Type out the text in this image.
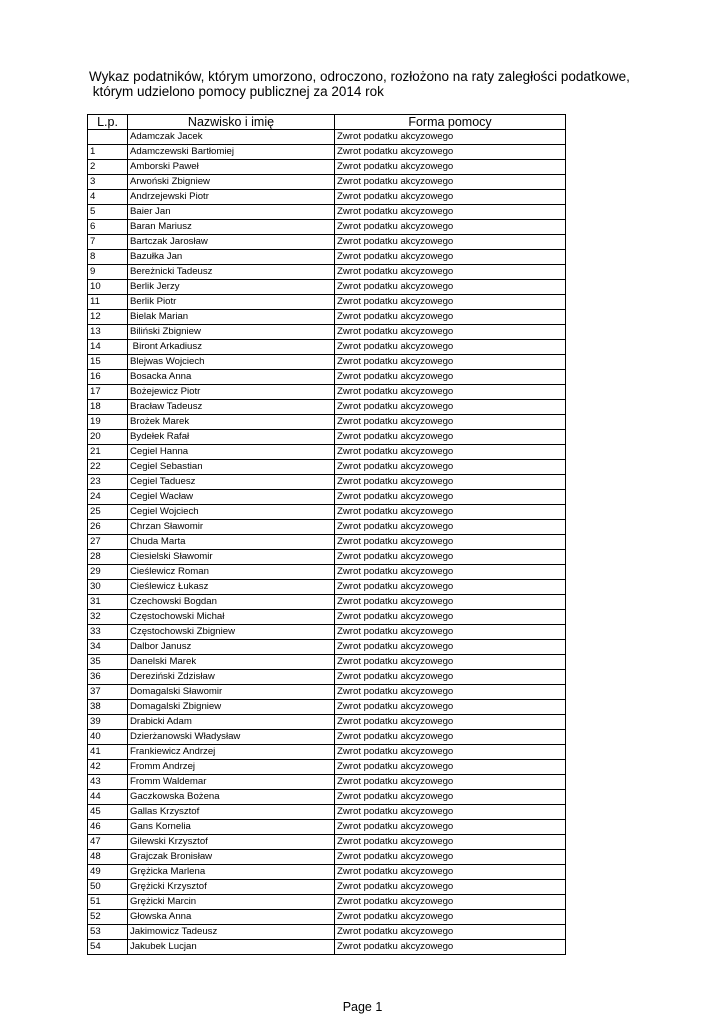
Wykaz podatników, którym umorzono, odroczono, rozłożono na raty zaległości podatkowe,
którym udzielono pomocy publicznej za 2014 rok
L.p.	Nazwisko i imię	Forma pomocy
	Adamczak Jacek	Zwrot podatku akcyzowego
1	Adamczewski Bartłomiej	Zwrot podatku akcyzowego
2	Amborski Paweł	Zwrot podatku akcyzowego
3	Arwoński Zbigniew	Zwrot podatku akcyzowego
4	Andrzejewski Piotr	Zwrot podatku akcyzowego
5	Baier Jan	Zwrot podatku akcyzowego
6	Baran Mariusz	Zwrot podatku akcyzowego
7	Bartczak Jarosław	Zwrot podatku akcyzowego
8	Bazułka Jan	Zwrot podatku akcyzowego
9	Bereżnicki Tadeusz	Zwrot podatku akcyzowego
10	Berlik Jerzy	Zwrot podatku akcyzowego
11	Berlik Piotr	Zwrot podatku akcyzowego
12	Bielak Marian	Zwrot podatku akcyzowego
13	Biliński Zbigniew	Zwrot podatku akcyzowego
14	Biront Arkadiusz	Zwrot podatku akcyzowego
15	Blejwas Wojciech	Zwrot podatku akcyzowego
16	Bosacka Anna	Zwrot podatku akcyzowego
17	Bożejewicz Piotr	Zwrot podatku akcyzowego
18	Bracław Tadeusz	Zwrot podatku akcyzowego
19	Brożek Marek	Zwrot podatku akcyzowego
20	Bydełek Rafał	Zwrot podatku akcyzowego
21	Cegiel Hanna	Zwrot podatku akcyzowego
22	Cegiel Sebastian	Zwrot podatku akcyzowego
23	Cegiel Taduesz	Zwrot podatku akcyzowego
24	Cegiel Wacław	Zwrot podatku akcyzowego
25	Cegiel Wojciech	Zwrot podatku akcyzowego
26	Chrzan Sławomir	Zwrot podatku akcyzowego
27	Chuda Marta	Zwrot podatku akcyzowego
28	Ciesielski Sławomir	Zwrot podatku akcyzowego
29	Cieślewicz Roman	Zwrot podatku akcyzowego
30	Cieślewicz Łukasz	Zwrot podatku akcyzowego
31	Czechowski Bogdan	Zwrot podatku akcyzowego
32	Częstochowski Michał	Zwrot podatku akcyzowego
33	Częstochowski Zbigniew	Zwrot podatku akcyzowego
34	Dalbor Janusz	Zwrot podatku akcyzowego
35	Danelski Marek	Zwrot podatku akcyzowego
36	Dereziński Zdzisław	Zwrot podatku akcyzowego
37	Domagalski Sławomir	Zwrot podatku akcyzowego
38	Domagalski Zbigniew	Zwrot podatku akcyzowego
39	Drabicki Adam	Zwrot podatku akcyzowego
40	Dzierżanowski Władysław	Zwrot podatku akcyzowego
41	Frankiewicz Andrzej	Zwrot podatku akcyzowego
42	Fromm Andrzej	Zwrot podatku akcyzowego
43	Fromm Waldemar	Zwrot podatku akcyzowego
44	Gaczkowska Bożena	Zwrot podatku akcyzowego
45	Gallas Krzysztof	Zwrot podatku akcyzowego
46	Gans Kornelia	Zwrot podatku akcyzowego
47	Gilewski Krzysztof	Zwrot podatku akcyzowego
48	Grajczak Bronisław	Zwrot podatku akcyzowego
49	Grężicka Marlena	Zwrot podatku akcyzowego
50	Grężicki Krzysztof	Zwrot podatku akcyzowego
51	Grężicki Marcin	Zwrot podatku akcyzowego
52	Głowska Anna	Zwrot podatku akcyzowego
53	Jakimowicz Tadeusz	Zwrot podatku akcyzowego
54	Jakubek Lucjan	Zwrot podatku akcyzowego
Page 1
